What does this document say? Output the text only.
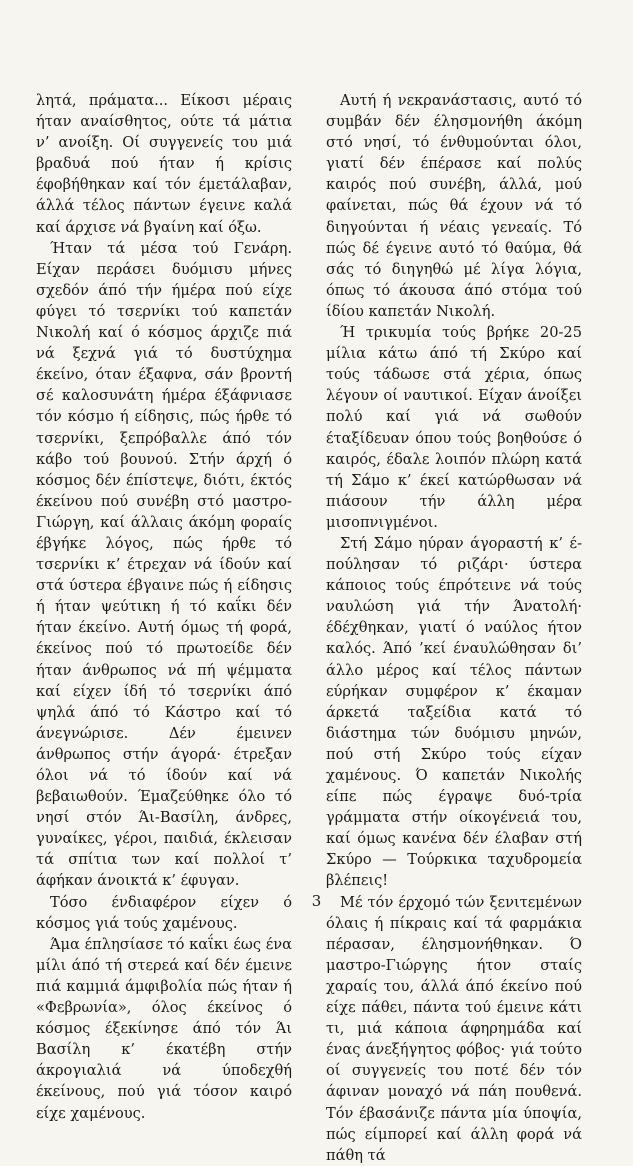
λητά, πράματα... Είκοσι μέραις ήταν αναίσθητος, ούτε τά μάτια ν’ ανοίξη. Οί συγγενείς του μιά βραδυά πού ήταν ή κρίσις έφοβήθηκαν καί τόν έμετάλαβαν, άλλά τέλος πάντων έγεινε καλά καί άρχισε νά βγαίνη καί όξω.

Ήταν τά μέσα τού Γενάρη. Είχαν περάσει δυόμισυ μήνες σχεδόν άπό τήν ήμέρα πού είχε φύγει τό τσερνίκι τού καπετάν Νικολή καί ό κόσμος άρχιζε πιά νά ξεχνά γιά τό δυστύχημα έκείνο, όταν έξαφνα, σάν βροντή σέ καλοσυνάτη ήμέρα έξάφνιασε τόν κόσμο ή είδησις, πώς ήρθε τό τσερνίκι, ξεπρόβαλλε άπό τόν κάβο τού βουνού. Στήν άρχή ό κόσμος δέν έπίστεψε, διότι, έκτός έκείνου πού συνέβη στό μαστρο-Γιώργη, καί άλλαις άκόμη φοραίς έβγήκε λόγος, πώς ήρθε τό τσερνίκι κ’ έτρεχαν νά ίδούν καί στά ύστερα έβγαινε πώς ή είδησις ή ήταν ψεύτικη ή τό καΐκι δέν ήταν έκείνο. Αυτή όμως τή φορά, έκείνος πού τό πρωτοείδε δέν ήταν άνθρωπος νά πή ψέμματα καί είχεν ίδή τό τσερνίκι άπό ψηλά άπό τό Κάστρο καί τό άνεγνώρισε. Δέν έμεινεν άνθρωπος στήν άγορά· έτρεξαν όλοι νά τό ίδούν καί νά βεβαιωθούν. Έμαζεύθηκε όλο τό νησί στόν Άι-Βασίλη, άνδρες, γυναίκες, γέροι, παιδιά, έκλεισαν τά σπίτια των καί πολλοί τ’ άφήκαν άνοικτά κ’ έφυγαν.

Τόσο ένδιαφέρον είχεν ό κόσμος γιά τούς χαμένους.

Άμα έπλησίασε τό καΐκι έως ένα μίλι άπό τή στερεά καί δέν έμεινε πιά καμμιά άμφιβολία πώς ήταν ή «Φεβρωνία», όλος έκείνος ό κόσμος έξεκίνησε άπό τόν Άι Βασίλη κ’ έκατέβη στήν άκρογιαλιά νά ύποδεχθή έκείνους, πού γιά τόσον καιρό είχε χαμένους.

Αυτή ή νεκρανάστασις, αυτό τό συμβάν δέν έλησμονήθη άκόμη στό νησί, τό ένθυμούνται όλοι, γιατί δέν έπέρασε καί πολύς καιρός πού συνέβη, άλλά, μού φαίνεται, πώς θά έχουν νά τό διηγούνται ή νέαις γενεαίς. Τό πώς δέ έγεινε αυτό τό θαύμα, θά σάς τό διηγηθώ μέ λίγα λόγια, όπως τό άκουσα άπό στόμα τού ίδίου καπετάν Νικολή.

Ή τρικυμία τούς βρήκε 20-25 μίλια κάτω άπό τή Σκύρο καί τούς τάδωσε στά χέρια, όπως λέγουν οί ναυτικοί. Είχαν άνοίξει πολύ καί γιά νά σωθούν έταξίδευαν όπου τούς βοηθούσε ό καιρός, έδαλε λοιπόν πλώρη κατά τή Σάμο κ’ έκεί κατώρθωσαν νά πιάσουν τήν άλλη μέρα μισοπνιγμένοι.

Στή Σάμο ηύραν άγοραστή κ’ έπούλησαν τό ριζάρι· ύστερα κάποιος τούς έπρότεινε νά τούς ναυλώση γιά τήν Άνατολή· έδέχθηκαν, γιατί ό ναύλος ήτον καλός. Άπό ’κεί έναυλώθησαν δι’ άλλο μέρος καί τέλος πάντων εύρήκαν συμφέρον κ’ έκαμαν άρκετά ταξείδια κατά τό διάστημα τών δυόμισυ μηνών, πού στή Σκύρο τούς είχαν χαμένους. Ό καπετάν Νικολής είπε πώς έγραψε δυό-τρία γράμματα στήν οίκογένειά του, καί όμως κανένα δέν έλαβαν στή Σκύρο — Τούρκικα ταχυδρομεία βλέπεις!

Μέ τόν έρχομό τών ξενιτεμένων όλαις ή πίκραις καί τά φαρμάκια πέρασαν, έλησμονήθηκαν. Ό μαστρο-Γιώργης ήτον σταίς χαραίς του, άλλά άπό έκείνο πού είχε πάθει, πάντα τού έμεινε κάτι τι, μιά κάποια άφηρημάδα καί ένας άνεξήγητος φόβος· γιά τούτο οί συγγενείς του ποτέ δέν τόν άφιναν μοναχό νά πάη πουθενά. Τόν έβασάνιζε πάντα μία ύποψία, πώς είμπορεί καί άλλη φορά νά πάθη τά

3
